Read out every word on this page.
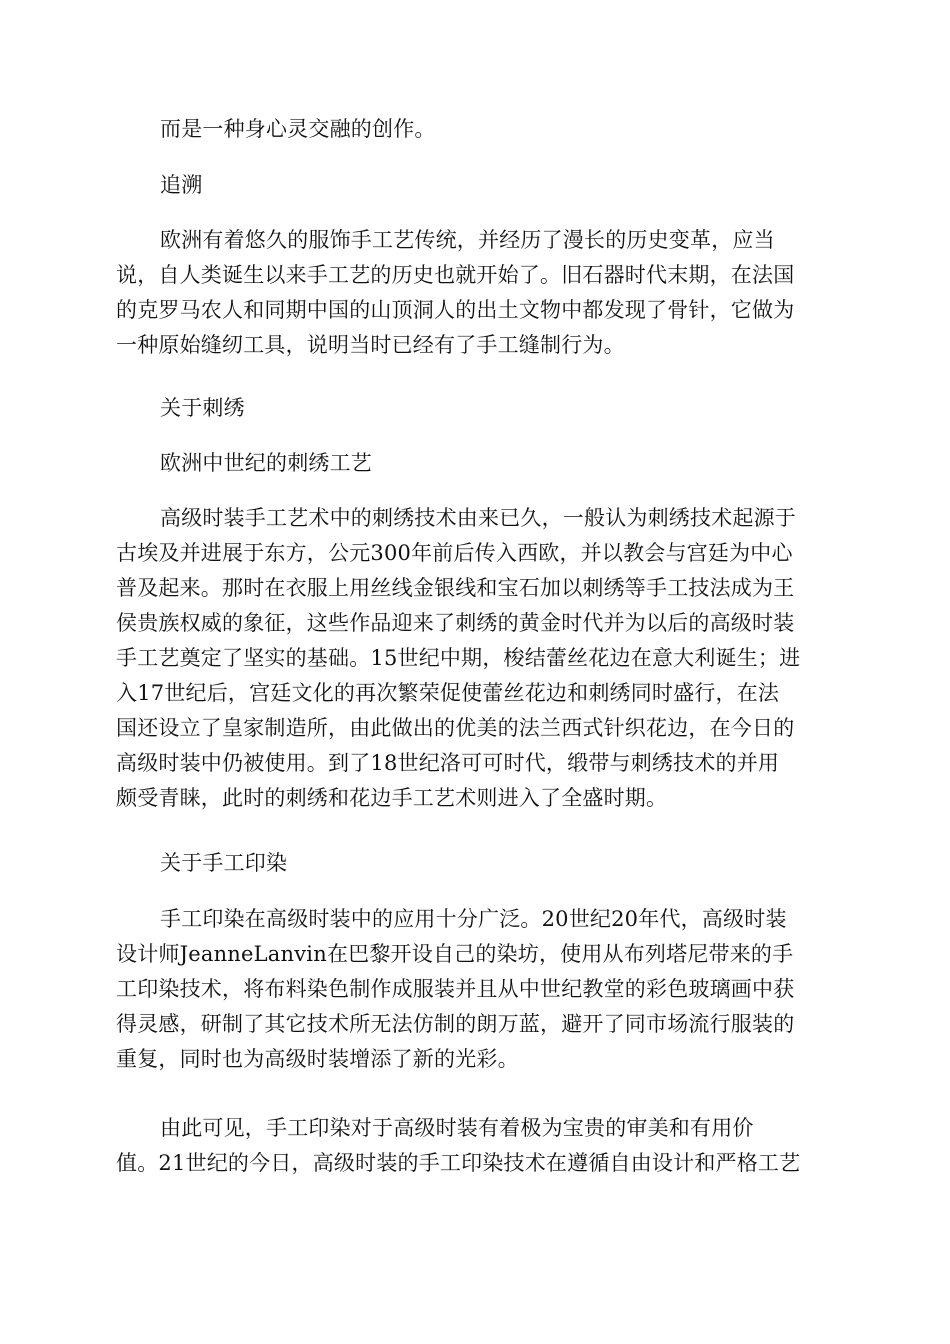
而是一种身心灵交融的创作。
追溯
欧洲有着悠久的服饰手工艺传统，并经历了漫长的历史变革，应当
说，自人类诞生以来手工艺的历史也就开始了。旧石器时代末期，在法国
的克罗马农人和同期中国的山顶洞人的出土文物中都发现了骨针，它做为
一种原始缝纫工具，说明当时已经有了手工缝制行为。
关于刺绣
欧洲中世纪的刺绣工艺
高级时装手工艺术中的刺绣技术由来已久，一般认为刺绣技术起源于
古埃及并进展于东方，公元300年前后传入西欧，并以教会与宫廷为中心
普及起来。那时在衣服上用丝线金银线和宝石加以刺绣等手工技法成为王
侯贵族权威的象征，这些作品迎来了刺绣的黄金时代并为以后的高级时装
手工艺奠定了坚实的基础。15世纪中期，梭结蕾丝花边在意大利诞生；进
入17世纪后，宫廷文化的再次繁荣促使蕾丝花边和刺绣同时盛行，在法
国还设立了皇家制造所，由此做出的优美的法兰西式针织花边，在今日的
高级时装中仍被使用。到了18世纪洛可可时代，缎带与刺绣技术的并用
颇受青睐，此时的刺绣和花边手工艺术则进入了全盛时期。
关于手工印染
手工印染在高级时装中的应用十分广泛。20世纪20年代，高级时装
设计师JeanneLanvin在巴黎开设自己的染坊，使用从布列塔尼带来的手
工印染技术，将布料染色制作成服装并且从中世纪教堂的彩色玻璃画中获
得灵感，研制了其它技术所无法仿制的朗万蓝，避开了同市场流行服装的
重复，同时也为高级时装增添了新的光彩。
由此可见，手工印染对于高级时装有着极为宝贵的审美和有用价
值。21世纪的今日，高级时装的手工印染技术在遵循自由设计和严格工艺
